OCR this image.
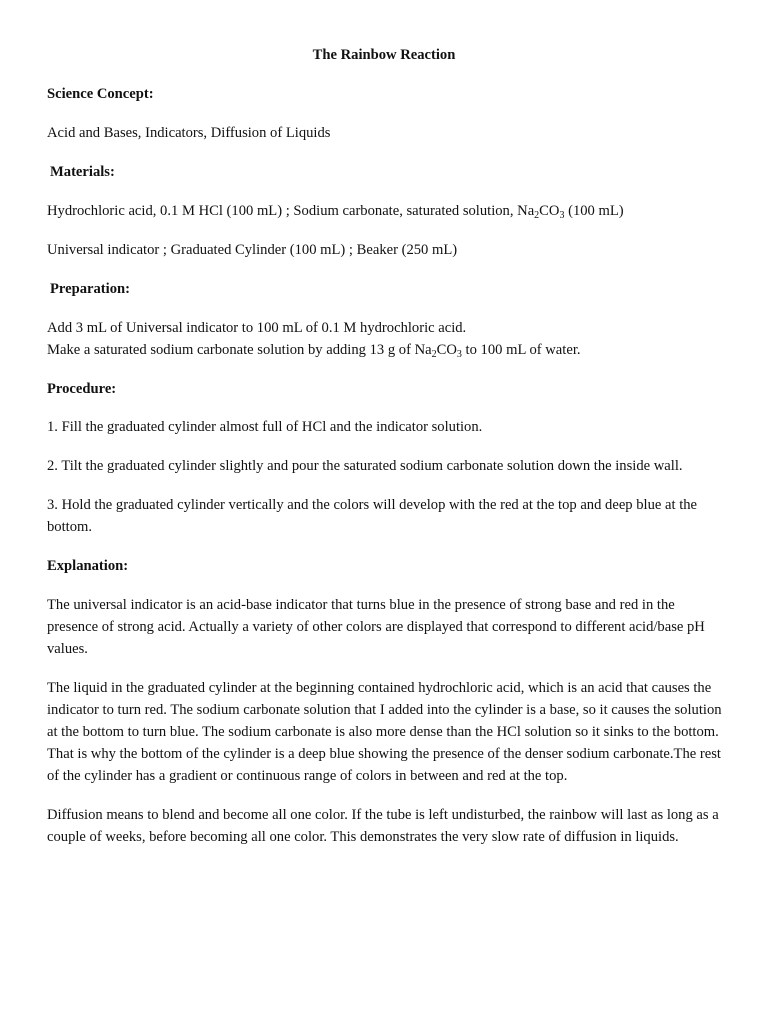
The Rainbow Reaction

Science Concept:

Acid and Bases, Indicators, Diffusion of Liquids

Materials:

Hydrochloric acid, 0.1 M HCl (100 mL) ; Sodium carbonate, saturated solution, $Na_2CO_3$ (100 mL)

Universal indicator ; Graduated Cylinder (100 mL) ; Beaker (250 mL)

Preparation:

Add 3 mL of Universal indicator to 100 mL of 0.1 M hydrochloric acid.

Make a saturated sodium carbonate solution by adding 13 g of $Na_2CO_3$ to 100 mL of water.

Procedure:

1. Fill the graduated cylinder almost full of HCl and the indicator solution.

2. Tilt the graduated cylinder slightly and pour the saturated sodium carbonate solution down the inside wall.

3. Hold the graduated cylinder vertically and the colors will develop with the red at the top and deep blue at the bottom.

Explanation:

The universal indicator is an acid-base indicator that turns blue in the presence of strong base and red in the presence of strong acid. Actually a variety of other colors are displayed that correspond to different acid/base pH values.

The liquid in the graduated cylinder at the beginning contained hydrochloric acid, which is an acid that causes the indicator to turn red. The sodium carbonate solution that I added into the cylinder is a base, so it causes the solution at the bottom to turn blue. The sodium carbonate is also more dense than the HCl solution so it sinks to the bottom. That is why the bottom of the cylinder is a deep blue showing the presence of the denser sodium carbonate.The rest of the cylinder has a gradient or continuous range of colors in between and red at the top.

Diffusion means to blend and become all one color. If the tube is left undisturbed, the rainbow will last as long as a couple of weeks, before becoming all one color. This demonstrates the very slow rate of diffusion in liquids.
